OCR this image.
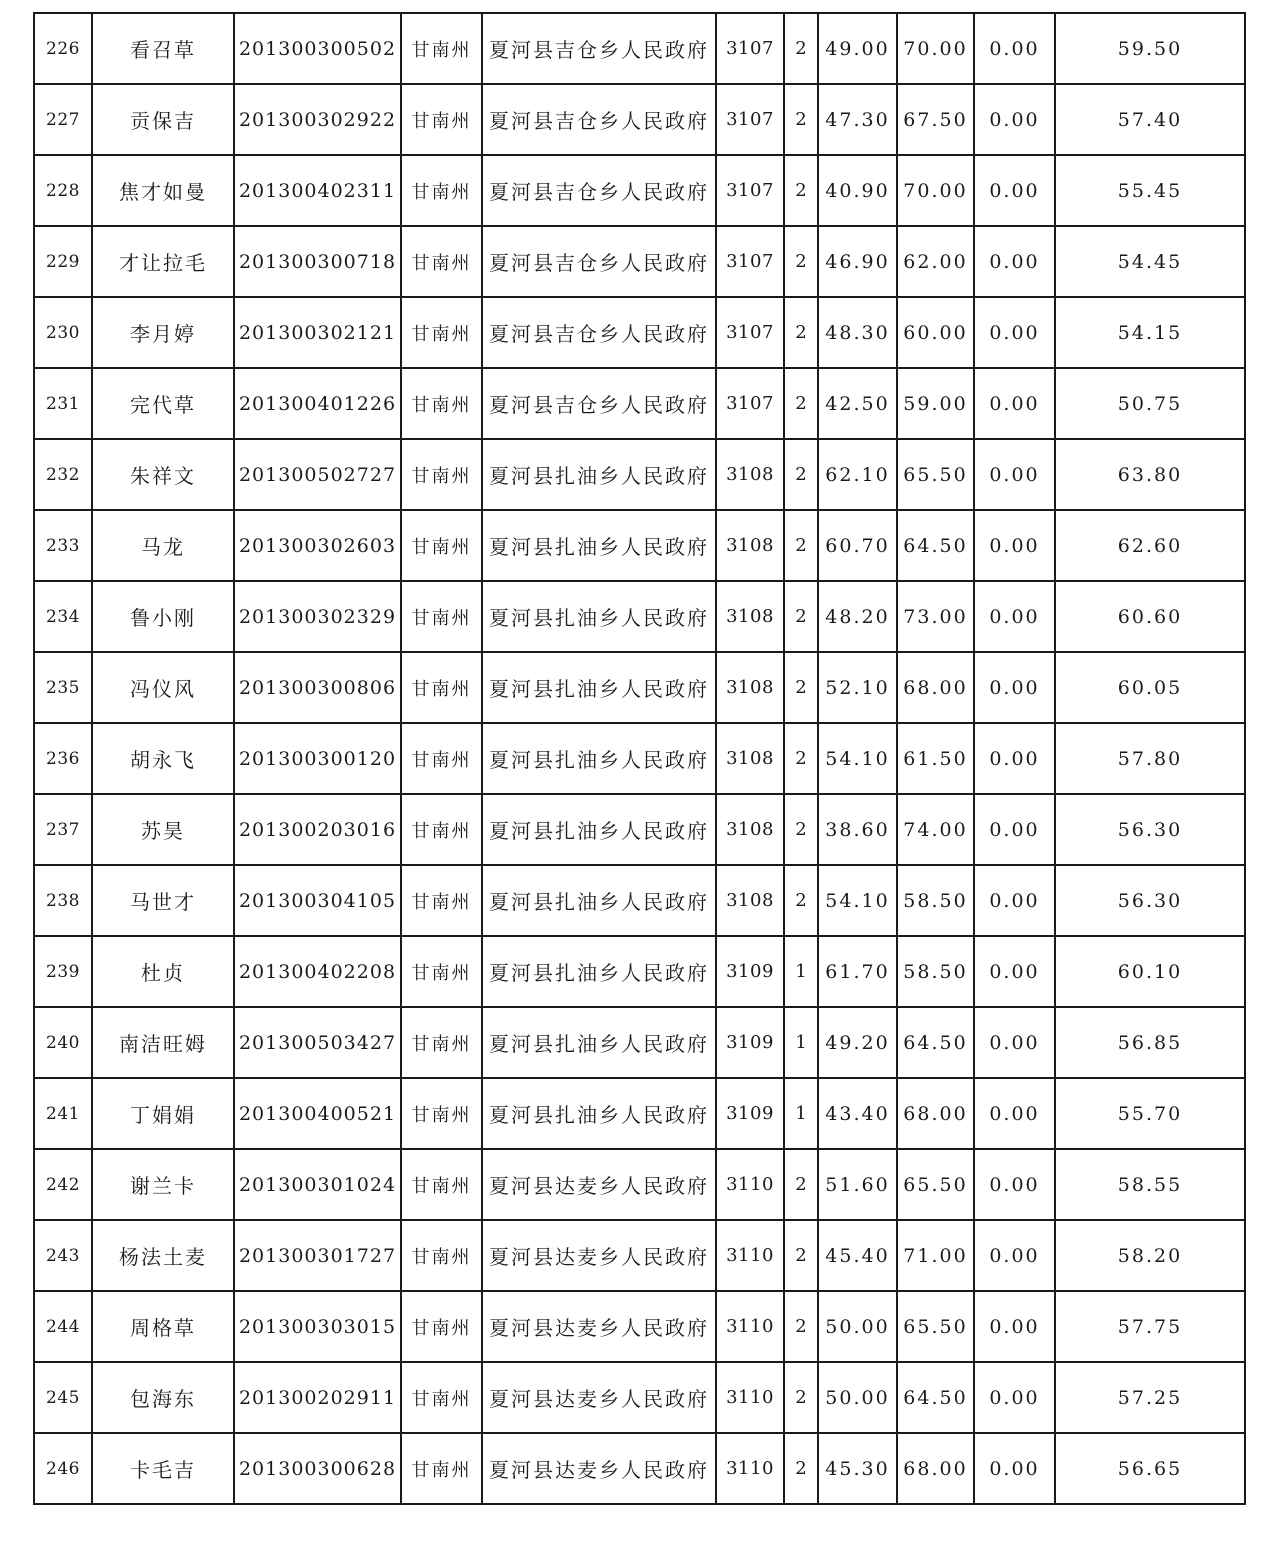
226	看召草	201300300502	甘南州	夏河县吉仓乡人民政府	3107	2	49.00	70.00	0.00	59.50
227	贡保吉	201300302922	甘南州	夏河县吉仓乡人民政府	3107	2	47.30	67.50	0.00	57.40
228	焦才如曼	201300402311	甘南州	夏河县吉仓乡人民政府	3107	2	40.90	70.00	0.00	55.45
229	才让拉毛	201300300718	甘南州	夏河县吉仓乡人民政府	3107	2	46.90	62.00	0.00	54.45
230	李月婷	201300302121	甘南州	夏河县吉仓乡人民政府	3107	2	48.30	60.00	0.00	54.15
231	完代草	201300401226	甘南州	夏河县吉仓乡人民政府	3107	2	42.50	59.00	0.00	50.75
232	朱祥文	201300502727	甘南州	夏河县扎油乡人民政府	3108	2	62.10	65.50	0.00	63.80
233	马龙	201300302603	甘南州	夏河县扎油乡人民政府	3108	2	60.70	64.50	0.00	62.60
234	鲁小刚	201300302329	甘南州	夏河县扎油乡人民政府	3108	2	48.20	73.00	0.00	60.60
235	冯仪风	201300300806	甘南州	夏河县扎油乡人民政府	3108	2	52.10	68.00	0.00	60.05
236	胡永飞	201300300120	甘南州	夏河县扎油乡人民政府	3108	2	54.10	61.50	0.00	57.80
237	苏昊	201300203016	甘南州	夏河县扎油乡人民政府	3108	2	38.60	74.00	0.00	56.30
238	马世才	201300304105	甘南州	夏河县扎油乡人民政府	3108	2	54.10	58.50	0.00	56.30
239	杜贞	201300402208	甘南州	夏河县扎油乡人民政府	3109	1	61.70	58.50	0.00	60.10
240	南洁旺姆	201300503427	甘南州	夏河县扎油乡人民政府	3109	1	49.20	64.50	0.00	56.85
241	丁娟娟	201300400521	甘南州	夏河县扎油乡人民政府	3109	1	43.40	68.00	0.00	55.70
242	谢兰卡	201300301024	甘南州	夏河县达麦乡人民政府	3110	2	51.60	65.50	0.00	58.55
243	杨法土麦	201300301727	甘南州	夏河县达麦乡人民政府	3110	2	45.40	71.00	0.00	58.20
244	周格草	201300303015	甘南州	夏河县达麦乡人民政府	3110	2	50.00	65.50	0.00	57.75
245	包海东	201300202911	甘南州	夏河县达麦乡人民政府	3110	2	50.00	64.50	0.00	57.25
246	卡毛吉	201300300628	甘南州	夏河县达麦乡人民政府	3110	2	45.30	68.00	0.00	56.65
